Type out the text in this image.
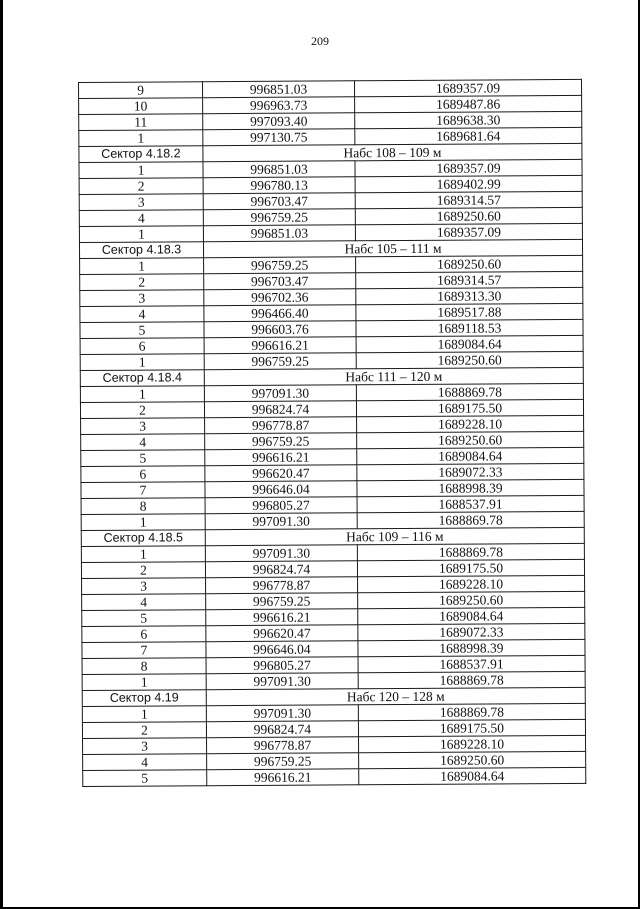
209
9	996851.03	1689357.09
10	996963.73	1689487.86
11	997093.40	1689638.30
1	997130.75	1689681.64
Сектор 4.18.2	Набс 108 – 109 м	
1	996851.03	1689357.09
2	996780.13	1689402.99
3	996703.47	1689314.57
4	996759.25	1689250.60
1	996851.03	1689357.09
Сектор 4.18.3	Набс 105 – 111 м	
1	996759.25	1689250.60
2	996703.47	1689314.57
3	996702.36	1689313.30
4	996466.40	1689517.88
5	996603.76	1689118.53
6	996616.21	1689084.64
1	996759.25	1689250.60
Сектор 4.18.4	Набс 111 – 120 м	
1	997091.30	1688869.78
2	996824.74	1689175.50
3	996778.87	1689228.10
4	996759.25	1689250.60
5	996616.21	1689084.64
6	996620.47	1689072.33
7	996646.04	1688998.39
8	996805.27	1688537.91
1	997091.30	1688869.78
Сектор 4.18.5	Набс 109 – 116 м	
1	997091.30	1688869.78
2	996824.74	1689175.50
3	996778.87	1689228.10
4	996759.25	1689250.60
5	996616.21	1689084.64
6	996620.47	1689072.33
7	996646.04	1688998.39
8	996805.27	1688537.91
1	997091.30	1688869.78
Сектор 4.19	Набс 120 – 128 м	
1	997091.30	1688869.78
2	996824.74	1689175.50
3	996778.87	1689228.10
4	996759.25	1689250.60
5	996616.21	1689084.64
